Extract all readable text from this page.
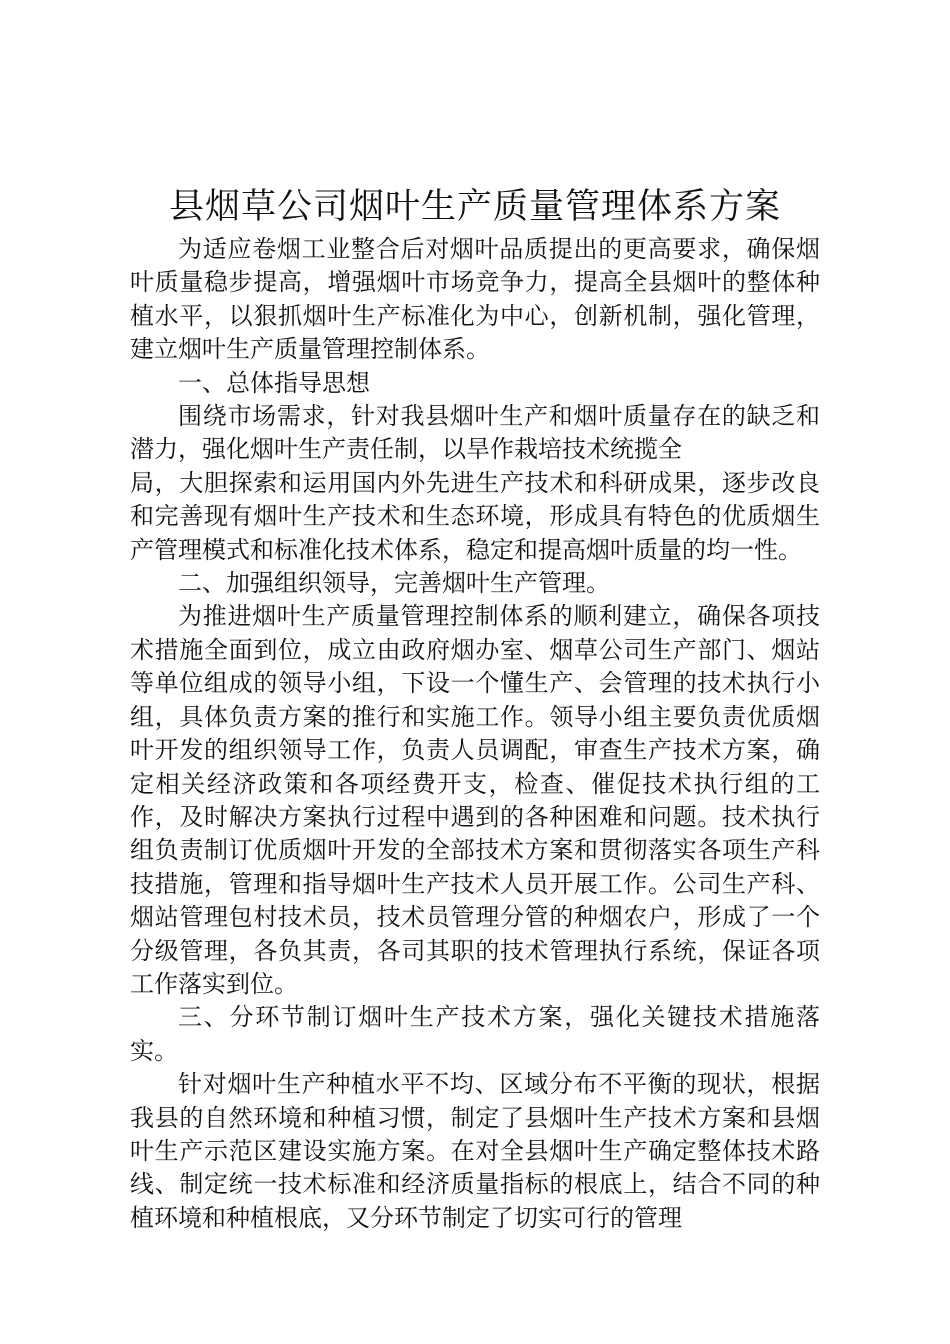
县烟草公司烟叶生产质量管理体系方案

为适应卷烟工业整合后对烟叶品质提出的更高要求，确保烟叶质量稳步提高，增强烟叶市场竞争力，提高全县烟叶的整体种植水平，以狠抓烟叶生产标准化为中心，创新机制，强化管理，建立烟叶生产质量管理控制体系。

一、总体指导思想

围绕市场需求，针对我县烟叶生产和烟叶质量存在的缺乏和潜力，强化烟叶生产责任制，以旱作栽培技术统揽全

局，大胆探索和运用国内外先进生产技术和科研成果，逐步改良和完善现有烟叶生产技术和生态环境，形成具有特色的优质烟生产管理模式和标准化技术体系，稳定和提高烟叶质量的均一性。

二、加强组织领导，完善烟叶生产管理。

为推进烟叶生产质量管理控制体系的顺利建立，确保各项技术措施全面到位，成立由政府烟办室、烟草公司生产部门、烟站等单位组成的领导小组，下设一个懂生产、会管理的技术执行小组，具体负责方案的推行和实施工作。领导小组主要负责优质烟叶开发的组织领导工作，负责人员调配，审查生产技术方案，确定相关经济政策和各项经费开支，检查、催促技术执行组的工作，及时解决方案执行过程中遇到的各种困难和问题。技术执行组负责制订优质烟叶开发的全部技术方案和贯彻落实各项生产科技措施，管理和指导烟叶生产技术人员开展工作。公司生产科、烟站管理包村技术员，技术员管理分管的种烟农户，形成了一个分级管理，各负其责，各司其职的技术管理执行系统，保证各项工作落实到位。

三、分环节制订烟叶生产技术方案，强化关键技术措施落实。

针对烟叶生产种植水平不均、区域分布不平衡的现状，根据我县的自然环境和种植习惯，制定了县烟叶生产技术方案和县烟叶生产示范区建设实施方案。在对全县烟叶生产确定整体技术路线、制定统一技术标准和经济质量指标的根底上，结合不同的种植环境和种植根底，又分环节制定了切实可行的管理
